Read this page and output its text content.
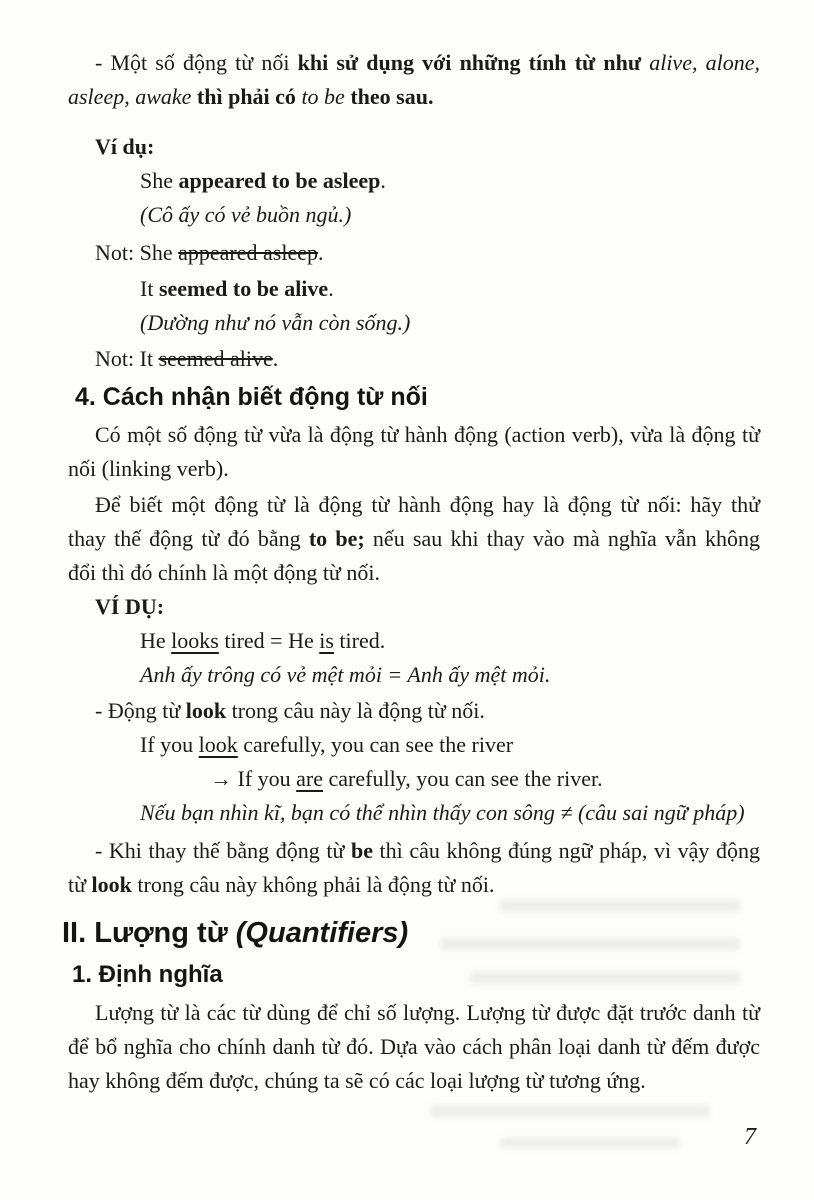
- Một số động từ nối khi sử dụng với những tính từ như alive, alone,
asleep, awake thì phải có to be theo sau.
Ví dụ:
She appeared to be asleep.
(Cô ấy có vẻ buồn ngủ.)
Not: She appeared asleep.
It seemed to be alive.
(Dường như nó vẫn còn sống.)
Not: It seemed alive.
4. Cách nhận biết động từ nối
Có một số động từ vừa là động từ hành động (action verb), vừa là động từ
nối (linking verb).
Để biết một động từ là động từ hành động hay là động từ nối: hãy thử
thay thế động từ đó bằng to be; nếu sau khi thay vào mà nghĩa vẫn không
đổi thì đó chính là một động từ nối.
VÍ DỤ:
He looks tired = He is tired.
Anh ấy trông có vẻ mệt mỏi = Anh ấy mệt mỏi.
- Động từ look trong câu này là động từ nối.
If you look carefully, you can see the river
→ If you are carefully, you can see the river.
Nếu bạn nhìn kĩ, bạn có thể nhìn thấy con sông ≠ (câu sai ngữ pháp)
- Khi thay thế bằng động từ be thì câu không đúng ngữ pháp, vì vậy động
từ look trong câu này không phải là động từ nối.
II. Lượng từ (Quantifiers)
1. Định nghĩa
Lượng từ là các từ dùng để chỉ số lượng. Lượng từ được đặt trước danh từ
để bổ nghĩa cho chính danh từ đó. Dựa vào cách phân loại danh từ đếm được
hay không đếm được, chúng ta sẽ có các loại lượng từ tương ứng.
7
